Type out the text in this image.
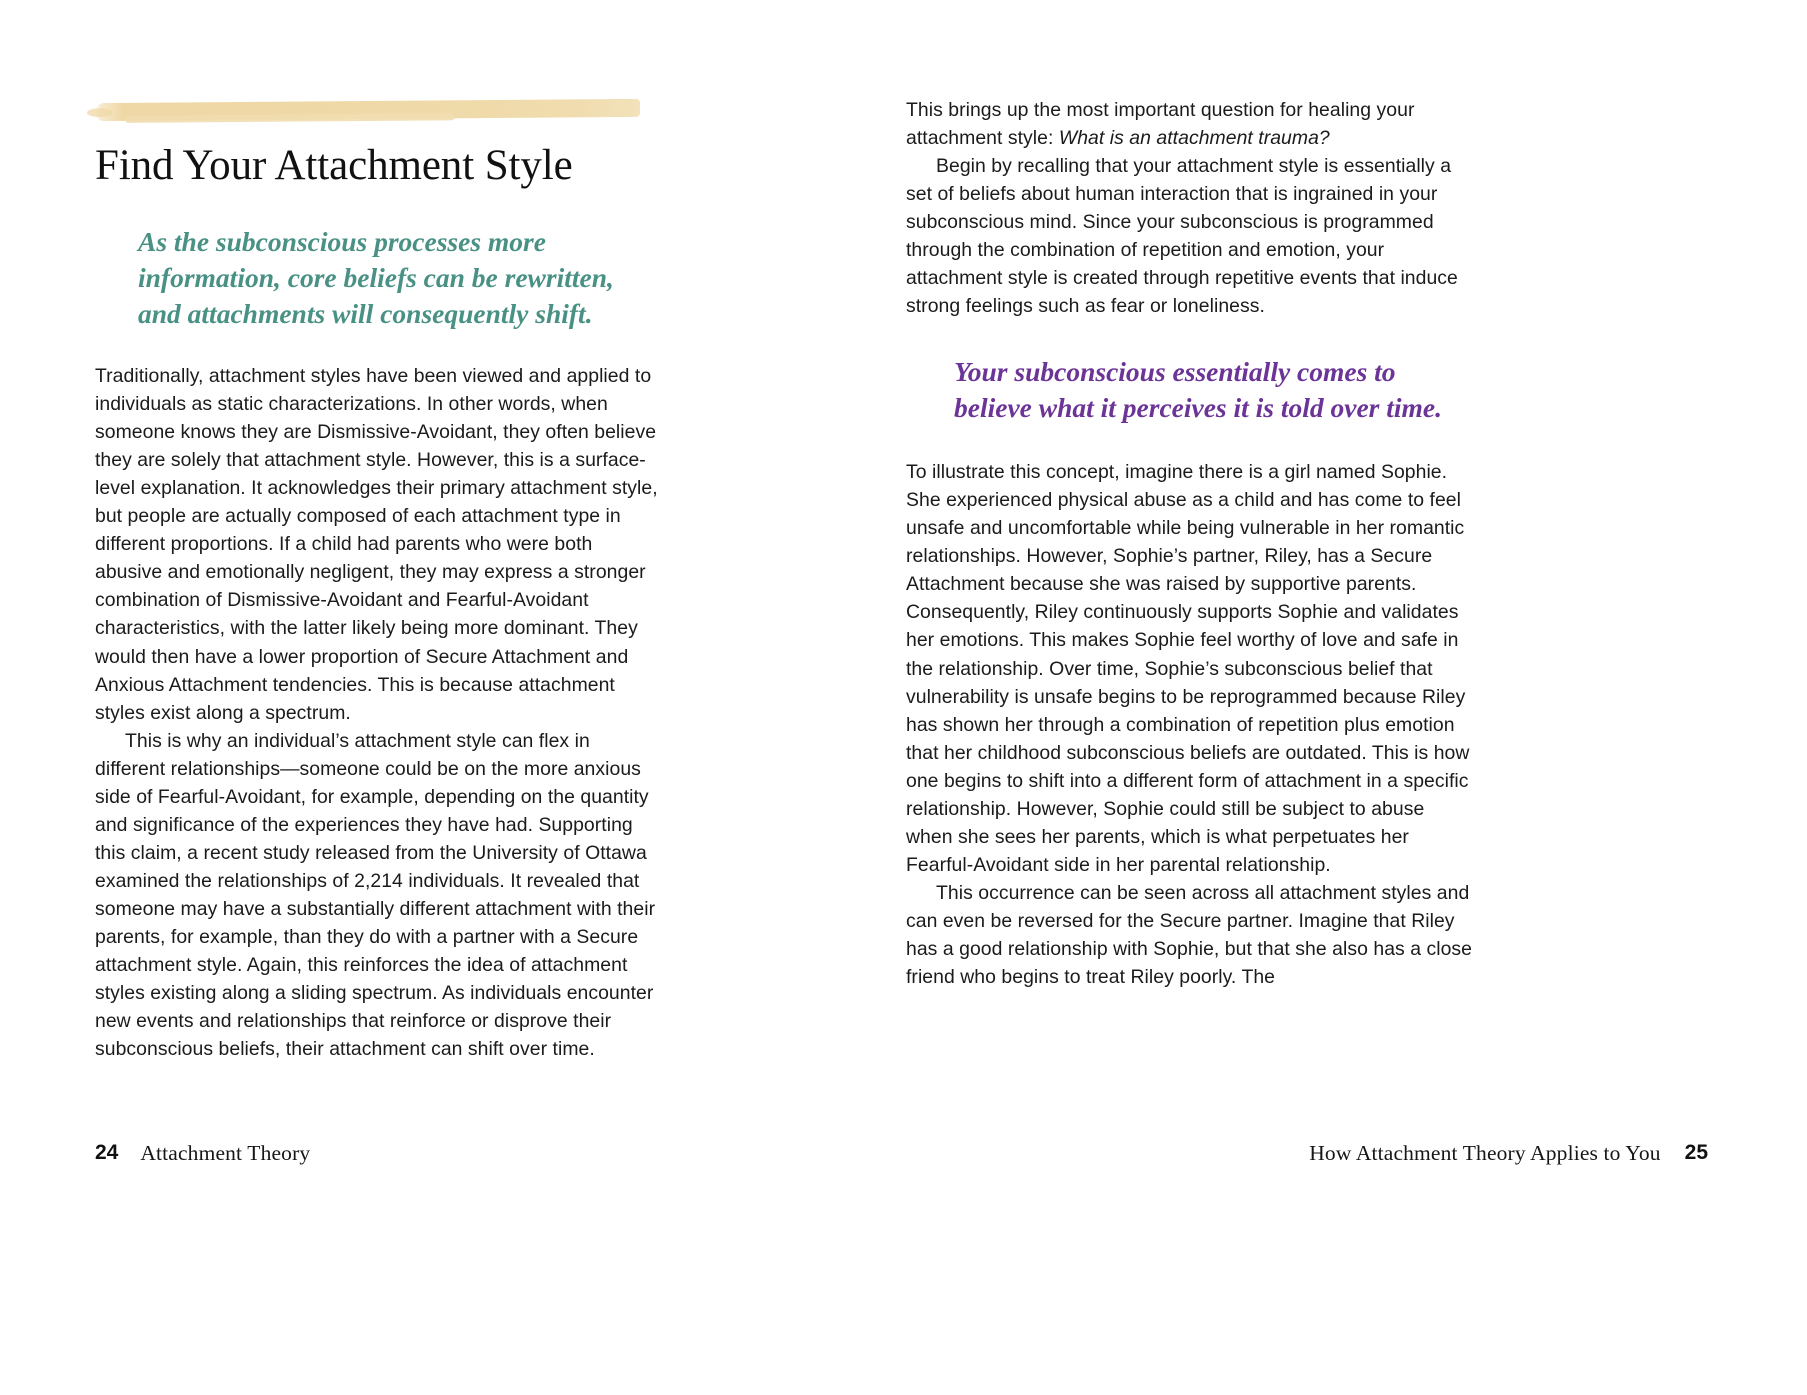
Find Your Attachment Style

As the subconscious processes more information, core beliefs can be rewritten, and attachments will consequently shift.

Traditionally, attachment styles have been viewed and applied to individuals as static characterizations. In other words, when someone knows they are Dismissive-Avoidant, they often believe they are solely that attachment style. However, this is a surface-level explanation. It acknowledges their primary attachment style, but people are actually composed of each attachment type in different proportions. If a child had parents who were both abusive and emotionally negligent, they may express a stronger combination of Dismissive-Avoidant and Fearful-Avoidant characteristics, with the latter likely being more dominant. They would then have a lower proportion of Secure Attachment and Anxious Attachment tendencies. This is because attachment styles exist along a spectrum.

This is why an individual’s attachment style can flex in different relationships—someone could be on the more anxious side of Fearful-Avoidant, for example, depending on the quantity and significance of the experiences they have had. Supporting this claim, a recent study released from the University of Ottawa examined the relationships of 2,214 individuals. It revealed that someone may have a substantially different attachment with their parents, for example, than they do with a partner with a Secure attachment style. Again, this reinforces the idea of attachment styles existing along a sliding spectrum. As individuals encounter new events and relationships that reinforce or disprove their subconscious beliefs, their attachment can shift over time.

24 Attachment Theory

This brings up the most important question for healing your attachment style: What is an attachment trauma?

Begin by recalling that your attachment style is essentially a set of beliefs about human interaction that is ingrained in your subconscious mind. Since your subconscious is programmed through the combination of repetition and emotion, your attachment style is created through repetitive events that induce strong feelings such as fear or loneliness.

Your subconscious essentially comes to believe what it perceives it is told over time.

To illustrate this concept, imagine there is a girl named Sophie. She experienced physical abuse as a child and has come to feel unsafe and uncomfortable while being vulnerable in her romantic relationships. However, Sophie’s partner, Riley, has a Secure Attachment because she was raised by supportive parents. Consequently, Riley continuously supports Sophie and validates her emotions. This makes Sophie feel worthy of love and safe in the relationship. Over time, Sophie’s subconscious belief that vulnerability is unsafe begins to be reprogrammed because Riley has shown her through a combination of repetition plus emotion that her childhood subconscious beliefs are outdated. This is how one begins to shift into a different form of attachment in a specific relationship. However, Sophie could still be subject to abuse when she sees her parents, which is what perpetuates her Fearful-Avoidant side in her parental relationship.

This occurrence can be seen across all attachment styles and can even be reversed for the Secure partner. Imagine that Riley has a good relationship with Sophie, but that she also has a close friend who begins to treat Riley poorly. The

How Attachment Theory Applies to You 25
